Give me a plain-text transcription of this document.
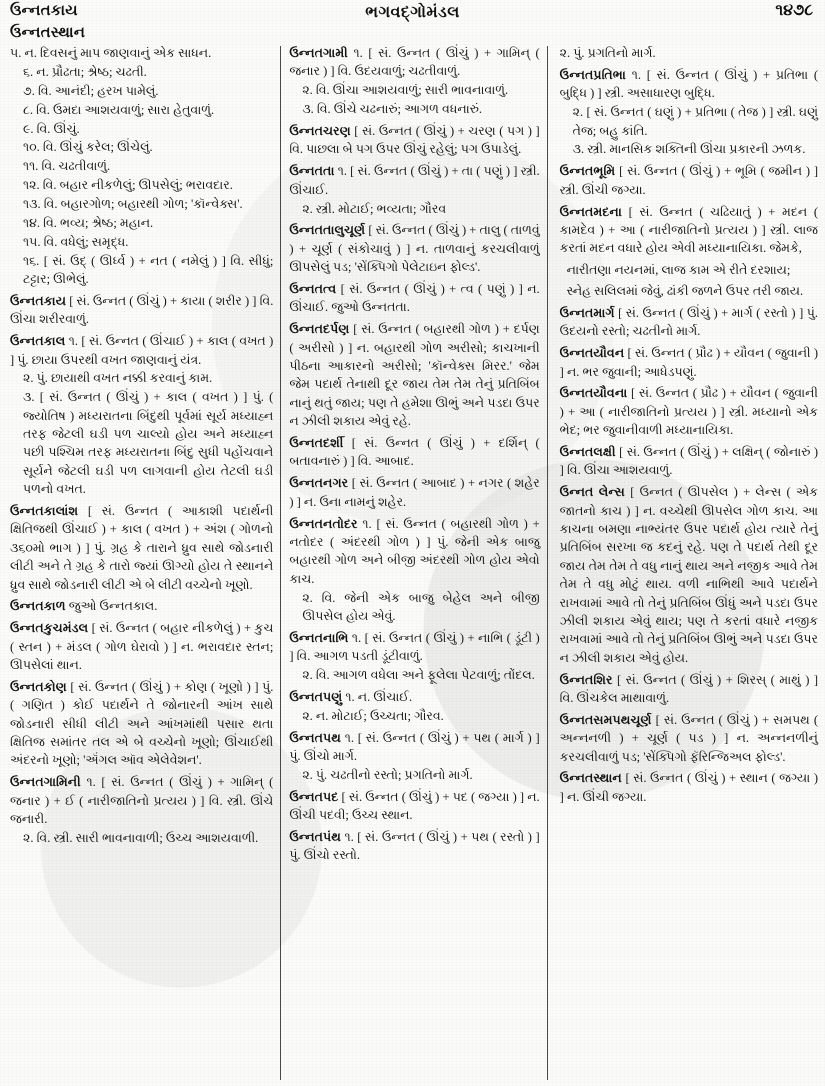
ઉન્નતકાય
ઉન્નતસ્થાન
ભગવદ્‌ગોમંડલ	૧૪૭૮

૫. ન. દિવસનું માપ જાણવાનું એક સાધન.

૬. ન. પ્રૌઢતા; શ્રેષ્ઠ; ચઢતી.

૭. વિ. આનંદી; હરખ પામેલું.

૮. વિ. ઉમદા આશયવાળું; સારા હેતુવાળું.

૯. વિ. ઊંચું.

૧૦. વિ. ઊંચું કરેલ; ઊંચેલું.

૧૧. વિ. ચઢતીવાળું.

૧૨. વિ. બહાર નીકળેલું; ઊપસેલું; ભરાવદાર.

૧૩. વિ. બહારગોળ; બહારથી ગોળ; 'કૉન્વેક્સ'.

૧૪. વિ. ભવ્ય; શ્રેષ્ઠ; મહાન.

૧૫. વિ. વધેલું; સમૃદ્ધ.

૧૬. [ સં. ઉદ્ ( ઊર્ધ્વ ) + નત ( નમેલું ) ] વિ. સીધું; ટટ્ટાર; ઊભેલું.

ઉન્નતકાય [ સં. ઉન્નત ( ઊંચું ) + કાયા ( શરીર ) ] વિ. ઊંચા શરીરવાળું.

ઉન્નતકાલ ૧. [ સં. ઉન્નત ( ઊંચાઈ ) + કાલ ( વખત ) ] પું. છાયા ઉપરથી વખત જાણવાનું યંત્ર.

૨. પું. છાયાથી વખત નક્કી કરવાનું કામ.

૩. [ સં. ઉન્નત ( ઊંચું ) + કાલ ( વખત ) ] પું. ( જ્યોતિષ ) મધ્યરાતના બિંદુથી પૂર્વમાં સૂર્ય મધ્યાહ્ન તરફ જેટલી ઘડી પળ ચાલ્યો હોય અને મધ્યાહ્ન પછી પશ્ચિમ તરફ મધ્યરાતના બિંદુ સુધી પહોંચવાને સૂર્યને જેટલી ઘડી પળ લાગવાની હોય તેટલી ઘડી પળનો વખત.

ઉન્નતકાલાંશ [ સં. ઉન્નત ( આકાશી પદાર્થની ક્ષિતિજથી ઊંચાઈ ) + કાલ ( વખત ) + અંશ ( ગોળનો ૩૬૦મો ભાગ ) ] પું. ગ્રહ કે તારાને ધ્રુવ સાથે જોડનારી લીટી અને તે ગ્રહ કે તારો જ્યાં ઊગ્યો હોય તે સ્થાનને ધ્રુવ સાથે જોડનારી લીટી એ બે લીટી વચ્ચેનો ખૂણો.

ઉન્નતકાળ જુઓ ઉન્નતકાલ.

ઉન્નતકુચમંડલ [ સં. ઉન્નત ( બહાર નીકળેલું ) + કુચ ( સ્તન ) + મંડલ ( ગોળ ઘેરાવો ) ] ન. ભરાવદાર સ્તન; ઊપસેલાં થાન.

ઉન્નતકોણ [ સં. ઉન્નત ( ઊંચું ) + કોણ ( ખૂણો ) ] પું. ( ગણિત ) કોઈ પદાર્થને તે જોનારની આંખ સાથે જોડનારી સીધી લીટી અને આંખમાંથી પસાર થતા ક્ષિતિજ સમાંતર તલ એ બે વચ્ચેનો ખૂણો; ઊંચાઈથી અંદરનો ખૂણો; 'ઍંગલ ઑવ એલેવેશન'.

ઉન્નતગામિની ૧. [ સં. ઉન્નત ( ઊંચું ) + ગામિન્ ( જનાર ) + ઈ ( નારીજાતિનો પ્રત્યય ) ] વિ. સ્ત્રી. ઊંચે જનારી.

૨. વિ. સ્ત્રી. સારી ભાવનાવાળી; ઉચ્ચ આશયવાળી.

ઉન્નતગામી ૧. [ સં. ઉન્નત ( ઊંચું ) + ગામિન્ ( જનાર ) ] વિ. ઉદયવાળું; ચઢતીવાળું.

૨. વિ. ઊંચા આશયવાળું; સારી ભાવનાવાળું.

૩. વિ. ઊંચે ચઢનારું; આગળ વધનારું.

ઉન્નતચરણ [ સં. ઉન્નત ( ઊંચું ) + ચરણ ( પગ ) ] વિ. પાછલા બે પગ ઉપર ઊંચું રહેલું; પગ ઉપાડેલું.

ઉન્નતતા ૧. [ સં. ઉન્નત ( ઊંચું ) + તા ( પણું ) ] સ્ત્રી. ઊંચાઈ.

૨. સ્ત્રી. મોટાઈ; ભવ્યતા; ગૌરવ

ઉન્નતતાલુચૂર્ણ [ સં. ઉન્નત ( ઊંચું ) + તાલુ ( તાળવું ) + ચૂર્ણ ( સંકોચાવું ) ] ન. તાળવાનું કરચલીવાળું ઊપસેલું પડ; 'સેંક્પિગો પેલેટાઇન ફોલ્ડ'.

ઉન્નતત્વ [ સં. ઉન્નત ( ઊંચું ) + ત્વ ( પણું ) ] ન. ઊંચાઈ. જુઓ ઉન્નતતા.

ઉન્નતદર્પણ [ સં. ઉન્નત ( બહારથી ગોળ ) + દર્પણ ( અરીસો ) ] ન. બહારથી ગોળ અરીસો; કાચખાની પીઠના આકારનો અરીસો; 'કૉન્વેક્સ મિરર.' જેમ જેમ પદાર્થ તેનાથી દૂર જાય તેમ તેમ તેનું પ્રતિબિંબ નાનું થતું જાય; પણ તે હમેશા ઊભું અને પડદા ઉપર ન ઝીલી શકાય એવું રહે.

ઉન્નતદર્શી [ સં. ઉન્નત ( ઊંચું ) + દર્શિન્ ( બતાવનારું ) ] વિ. આબાદ.

ઉન્નતનગર [ સં. ઉન્નત ( આબાદ ) + નગર ( શહેર ) ] ન. ઉના નામનું શહેર.

ઉન્નતનતોદર ૧. [ સં. ઉન્નત ( બહારથી ગોળ ) + નતોદર ( અંદરથી ગોળ ) ] પું. જેની એક બાજુ બહારથી ગોળ અને બીજી અંદરથી ગોળ હોય એવો કાચ.

૨. વિ. જેની એક બાજુ બેહેલ અને બીજી ઊપસેલ હોય એવું.

ઉન્નતનાભિ ૧. [ સં. ઉન્નત ( ઊંચું ) + નાભિ ( ડૂંટી ) ] વિ. આગળ પડતી ડૂંટીવાળું.

૨. વિ. આગળ વધેલા અને ફૂલેલા પેટવાળું; તોંદલ.

ઉન્નતપણું ૧. ન. ઊંચાઈ.

૨. ન. મોટાઈ; ઉચ્ચતા; ગૌરવ.

ઉન્નતપથ ૧. [ સં. ઉન્નત ( ઊંચું ) + પથ ( માર્ગ ) ] પું. ઊંચો માર્ગ.

૨. પું. ચઢતીનો રસ્તો; પ્રગતિનો માર્ગ.

ઉન્નતપદ [ સં. ઉન્નત ( ઊંચું ) + પદ ( જગ્યા ) ] ન. ઊંચી પદવી; ઉચ્ચ સ્થાન.

ઉન્નતપંથ ૧. [ સં. ઉન્નત ( ઊંચું ) + પથ ( રસ્તો ) ] પું. ઊંચો રસ્તો.

૨. પું. પ્રગતિનો માર્ગ.

ઉન્નતપ્રતિભા ૧. [ સં. ઉન્નત ( ઊંચું ) + પ્રતિભા ( બુદ્ધિ ) ] સ્ત્રી. અસાધારણ બુદ્ધિ.

૨. [ સં. ઉન્નત ( ઘણું ) + પ્રતિભા ( તેજ ) ] સ્ત્રી. ઘણું તેજ; બહુ કાંતિ.

૩. સ્ત્રી. માનસિક શક્તિની ઊંચા પ્રકારની ઝળક.

ઉન્નતભૂમિ [ સં. ઉન્નત ( ઊંચું ) + ભૂમિ ( જમીન ) ] સ્ત્રી. ઊંચી જગ્યા.

ઉન્નતમદના [ સં. ઉન્નત ( ચઢિયાતું ) + મદન ( કામદેવ ) + આ ( નારીજાતિનો પ્રત્યય ) ] સ્ત્રી. લાજ કરતાં મદન વધારે હોય એવી મધ્યાનાયિકા. જેમકે,

નારીતણા નયનમાં, લાજ કામ એ રીતે દરશાય;

સ્નેહ સલિલમાં જેવું, ઢાંકી જળને ઉપર તરી જાય.

ઉન્નતમાર્ગ [ સં. ઉન્નત ( ઊંચું ) + માર્ગ ( રસ્તો ) ] પું. ઉદયનો રસ્તો; ચઢતીનો માર્ગ.

ઉન્નતયૌવન [ સં. ઉન્નત ( પ્રૌઢ ) + યૌવન ( જુવાની ) ] ન. ભર જુવાની; આધેડપણું.

ઉન્નતયૌવના [ સં. ઉન્નત ( પ્રૌઢ ) + યૌવન ( જુવાની ) + આ ( નારીજાતિનો પ્રત્યય ) ] સ્ત્રી. મધ્યાનો એક ભેદ; ભર જુવાનીવાળી મધ્યાનાયિકા.

ઉન્નતલક્ષી [ સં. ઉન્નત ( ઊંચું ) + લક્ષિન્ ( જોનારું ) ] વિ. ઊંચા આશયવાળું.

ઉન્નત લેન્સ [ ઉન્નત ( ઊપસેલ ) + લેન્સ ( એક જાતનો કાચ ) ] ન. વચ્ચેથી ઊપસેલ ગોળ કાચ. આ કાચના બમણા નાભ્યંતર ઉપર પદાર્થ હોય ત્યારે તેનું પ્રતિબિંબ સરખા જ કદનું રહે. પણ તે પદાર્થ તેથી દૂર જાય તેમ તેમ તે વધુ નાનું થાય અને નજીક આવે તેમ તેમ તે વધુ મોટું થાય. વળી નાભિથી આવે પદાર્થને રાખવામાં આવે તો તેનું પ્રતિબિંબ ઊંધું અને પડદા ઉપર ઝીલી શકાય એવું થાય; પણ તે કરતાં વધારે નજીક રાખવામાં આવે તો તેનું પ્રતિબિંબ ઊભું અને પડદા ઉપર ન ઝીલી શકાય એવું હોય.

ઉન્નતશિર [ સં. ઉન્નત ( ઊંચું ) + શિરસ્ ( માથું ) ] વિ. ઊંચકેલ માથાવાળું.

ઉન્નતસમપથચૂર્ણ [ સં. ઉન્નત ( ઊંચું ) + સમપથ ( અન્નનળી ) + ચૂર્ણ ( પડ ) ] ન. અન્નનળીનું કરચલીવાળું પડ; 'સેંક્પિગો ફૅરિન્જિઅલ ફોલ્ડ'.

ઉન્નતસ્થાન [ સં. ઉન્નત ( ઊંચું ) + સ્થાન ( જગ્યા ) ] ન. ઊંચી જગ્યા.
